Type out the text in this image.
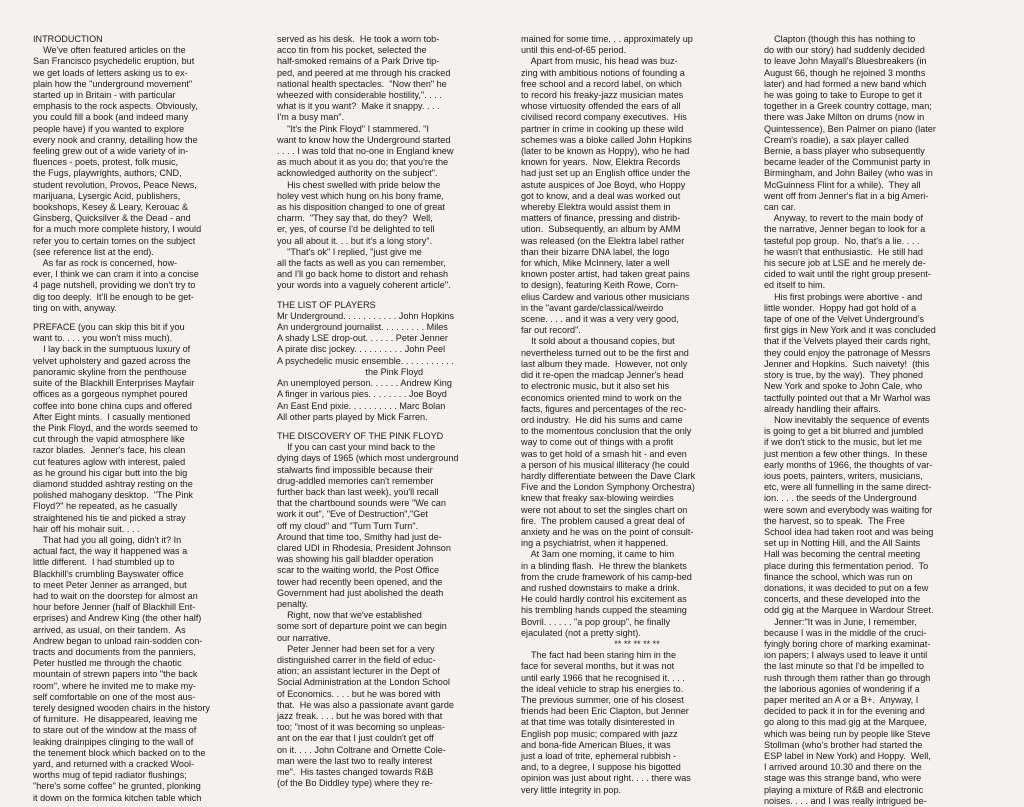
INTRODUCTION

We've often featured articles on the

San Francisco psychedelic eruption, but

we get loads of letters asking us to ex-

plain how the "underground movement"

started up in Britain - with particular

emphasis to the rock aspects. Obviously,

you could fill a book (and indeed many

people have) if you wanted to explore

every nook and cranny, detailing how the

feeling grew out of a wide variety of in-

fluences - poets, protest, folk music,

the Fugs, playwrights, authors, CND,

student revolution, Provos, Peace News,

marijuana, Lysergic Acid, publishers,

bookshops, Kesey & Leary, Kerouac &

Ginsberg, Quicksilver & the Dead - and

for a much more complete history, I would

refer you to certain tomes on the subject

(see reference list at the end).

As far as rock is concerned, how-

ever, I think we can cram it into a concise

4 page nutshell, providing we don't try to

dig too deeply.  It'll be enough to be get-

ting on with, anyway.

PREFACE (you can skip this bit if you

want to. . . . you won't miss much).

I lay back in the sumptuous luxury of

velvet upholstery and gazed across the

panoramic skyline from the penthouse

suite of the Blackhill Enterprises Mayfair

offices as a gorgeous nymphet poured

coffee into bone china cups and offered

After Eight mints.  I casually mentioned

the Pink Floyd, and the words seemed to

cut through the vapid atmosphere like

razor blades.  Jenner's face, his clean

cut features aglow with interest, paled

as he ground his cigar butt into the big

diamond studded ashtray resting on the

polished mahogany desktop.  "The Pink

Floyd?" he repeated, as he casually

straightened his tie and picked a stray

hair off his mohair suit. . . .

That had you all going, didn't it? In

actual fact, the way it happened was a

little different.  I had stumbled up to

Blackhill's crumbling Bayswater office

to meet Peter Jenner as arranged, but

had to wait on the doorstep for almost an

hour before Jenner (half of Blackhill Ent-

erprises) and Andrew King (the other half)

arrived, as usual, on their tandem.  As

Andrew began to unload rain-sodden con-

tracts and documents from the panniers,

Peter hustled me through the chaotic

mountain of strewn papers into "the back

room", where he invited me to make my-

self comfortable on one of the most aus-

terely designed wooden chairs in the history

of furniture.  He disappeared, leaving me

to stare out of the window at the mass of

leaking drainpipes clinging to the wall of

the tenement block which backed on to the

yard, and returned with a cracked Wool-

worths mug of tepid radiator flushings;

"here's some coffee" he grunted, plonking

it down on the formica kitchen table which

served as his desk.  He took a worn tob-

acco tin from his pocket, selected the

half-smoked remains of a Park Drive tip-

ped, and peered at me through his cracked

national health spectacles.  "Now then" he

wheezed with considerable hostility,". . . .

what is it you want?  Make it snappy. . . .

I'm a busy man".

"It's the Pink Floyd" I stammered. "I

want to know how the Underground started

. . . . I was told that no-one in England knew

as much about it as you do; that you're the

acknowledged authority on the subject".

His chest swelled with pride below the

holey vest which hung on his bony frame,

as his disposition changed to one of great

charm.  "They say that, do they?  Well,

er, yes, of course I'd be delighted to tell

you all about it. . . but it's a long story".

"That's ok" I replied, "just give me

all the facts as well as you can remember,

and I'll go back home to distort and rehash

your words into a vaguely coherent article".

THE LIST OF PLAYERS

Mr Underground. . . . . . . . . . . John Hopkins

An underground journalist. . . . . . . . . Miles

A shady LSE drop-out. . . . . . Peter Jenner

A pirate disc jockey. . . . . . . . . . John Peel

A psychedelic music ensemble. . . . . . . . . . .

the Pink Floyd

An unemployed person. . . . . . Andrew King

A finger in various pies. . . . . . . . Joe Boyd

An East End pixie. . . . . . . . . . Marc Bolan

All other parts played by Mick Farren.

THE DISCOVERY OF THE PINK FLOYD

If you can cast your mind back to the

dying days of 1965 (which most underground

stalwarts find impossible because their

drug-addled memories can't remember

further back than last week), you'll recall

that the chartbound sounds were "We can

work it out", "Eve of Destruction","Get

off my cloud" and "Turn Turn Turn".

Around that time too, Smithy had just de-

clared UDI in Rhodesia, President Johnson

was showing his gall bladder operation

scar to the waiting world, the Post Office

tower had recently been opened, and the

Government had just abolished the death

penalty.

Right, now that we've established

some sort of departure point we can begin

our narrative.

Peter Jenner had been set for a very

distinguished carrer in the field of educ-

ation; an assistant lecturer in the Dept of

Social Administration at the London School

of Economics. . . . but he was bored with

that.  He was also a passionate avant garde

jazz freak. . . . but he was bored with that

too; "most of it was becoming so unpleas-

ant on the ear that I just couldn't get off

on it. . . . John Coltrane and Ornette Cole-

man were the last two to really interest

me".  His tastes changed towards R&B

(of the Bo Diddley type) where they re-

mained for some time. . . approximately up

until this end-of-65 period.

Apart from music, his head was buz-

zing with ambitious notions of founding a

free school and a record label, on which

to record his freaky-jazz musician mates

whose virtuosity offended the ears of all

civilised record company executives.  His

partner in crime in cooking up these wild

schemes was a bloke called John Hopkins

(later to be known as Hoppy), who he had

known for years.  Now, Elektra Records

had just set up an English office under the

astute auspices of Joe Boyd, who Hoppy

got to know, and a deal was worked out

whereby Elektra would assist them in

matters of finance, pressing and distrib-

ution.  Subsequently, an album by AMM

was released (on the Elektra label rather

than their bizarre DNA label, the logo

for which, Mike McInnery, later a well

known poster artist, had taken great pains

to design), featuring Keith Rowe, Corn-

elius Cardew and various other musicians

in the "avant garde/classical/weirdo

scene. . . . and it was a very very good,

far out record".

It sold about a thousand copies, but

nevertheless turned out to be the first and

last album they made.  However, not only

did it re-open the madcap Jenner's head

to electronic music, but it also set his

economics oriented mind to work on the

facts, figures and percentages of the rec-

ord industry.  He did his sums and came

to the momentous conclusion that the only

way to come out of things with a profit

was to get hold of a smash hit - and even

a person of his musical illiteracy (he could

hardly differentiate between the Dave Clark

Five and the London Symphony Orchestra)

knew that freaky sax-blowing weirdies

were not about to set the singles chart on

fire.  The problem caused a great deal of

anxiety and he was on the point of consult-

ing a psychiatrist, when it happened.

At 3am one morning, it came to him

in a blinding flash.  He threw the blankets

from the crude framework of his camp-bed

and rushed downstairs to make a drink.

He could hardly control his excitement as

his trembling hands cupped the steaming

Bovril. . . . . . "a pop group", he finally

ejaculated (not a pretty sight).

** ** ** ** **

The fact had been staring him in the

face for several months, but it was not

until early 1966 that he recognised it. . . .

the ideal vehicle to strap his energies to.

The previous summer, one of his closest

friends had been Eric Clapton, but Jenner

at that time was totally disinterested in

English pop music; compared with jazz

and bona-fide American Blues, it was

just a load of trite, ephemeral rubbish -

and, to a degree, I suppose his bigotted

opinion was just about right. . . . there was

very little integrity in pop.

Clapton (though this has nothing to

do with our story) had suddenly decided

to leave John Mayall's Bluesbreakers (in

August 66, though he rejoined 3 months

later) and had formed a new band which

he was going to take to Europe to get it

together in a Greek country cottage, man;

there was Jake Milton on drums (now in

Quintessence), Ben Palmer on piano (later

Cream's roadie), a sax player called

Bernie, a bass player who subsequently

became leader of the Communist party in

Birmingham, and John Bailey (who was in

McGuinness Flint for a while).  They all

went off from Jenner's flat in a big Ameri-

can car.

Anyway, to revert to the main body of

the narrative, Jenner began to look for a

tasteful pop group.  No, that's a lie. . . .

he wasn't that enthusiastic.  He still had

his secure job at LSE and he merely de-

cided to wait until the right group present-

ed itself to him.

His first probings were abortive - and

little wonder.  Hoppy had got hold of a

tape of one of the Velvet Underground's

first gigs in New York and it was concluded

that if the Velvets played their cards right,

they could enjoy the patronage of Messrs

Jenner and Hopkins.  Such naivety!  (this

story is true, by the way).  They phoned

New York and spoke to John Cale, who

tactfully pointed out that a Mr Warhol was

already handling their affairs.

Now inevitably the sequence of events

is going to get a bit blurred and jumbled

if we don't stick to the music, but let me

just mention a few other things.  In these

early months of 1966, the thoughts of var-

ious poets, painters, writers, musicians,

etc, were all funnelling in the same direct-

ion. . . . the seeds of the Underground

were sown and everybody was waiting for

the harvest, so to speak.  The Free

School idea had taken root and was being

set up in Notting Hill, and the All Saints

Hall was becoming the central meeting

place during this fermentation period.  To

finance the school, which was run on

donations, it was decided to put on a few

concerts, and these developed into the

odd gig at the Marquee in Wardour Street.

Jenner:"It was in June, I remember,

because I was in the middle of the cruci-

fyingly boring chore of marking examinat-

ion papers; I always used to leave it until

the last minute so that I'd be impelled to

rush through them rather than go through

the laborious agonies of wondering if a

paper merited an A or a B+.  Anyway, I

decided to pack it in for the evening and

go along to this mad gig at the Marquee,

which was being run by people like Steve

Stollman (who's brother had started the

ESP label in New York) and Hoppy.  Well,

I arrived around 10.30 and there on the

stage was this strange band, who were

playing a mixture of R&B and electronic

noises. . . . and I was really intrigued be-
